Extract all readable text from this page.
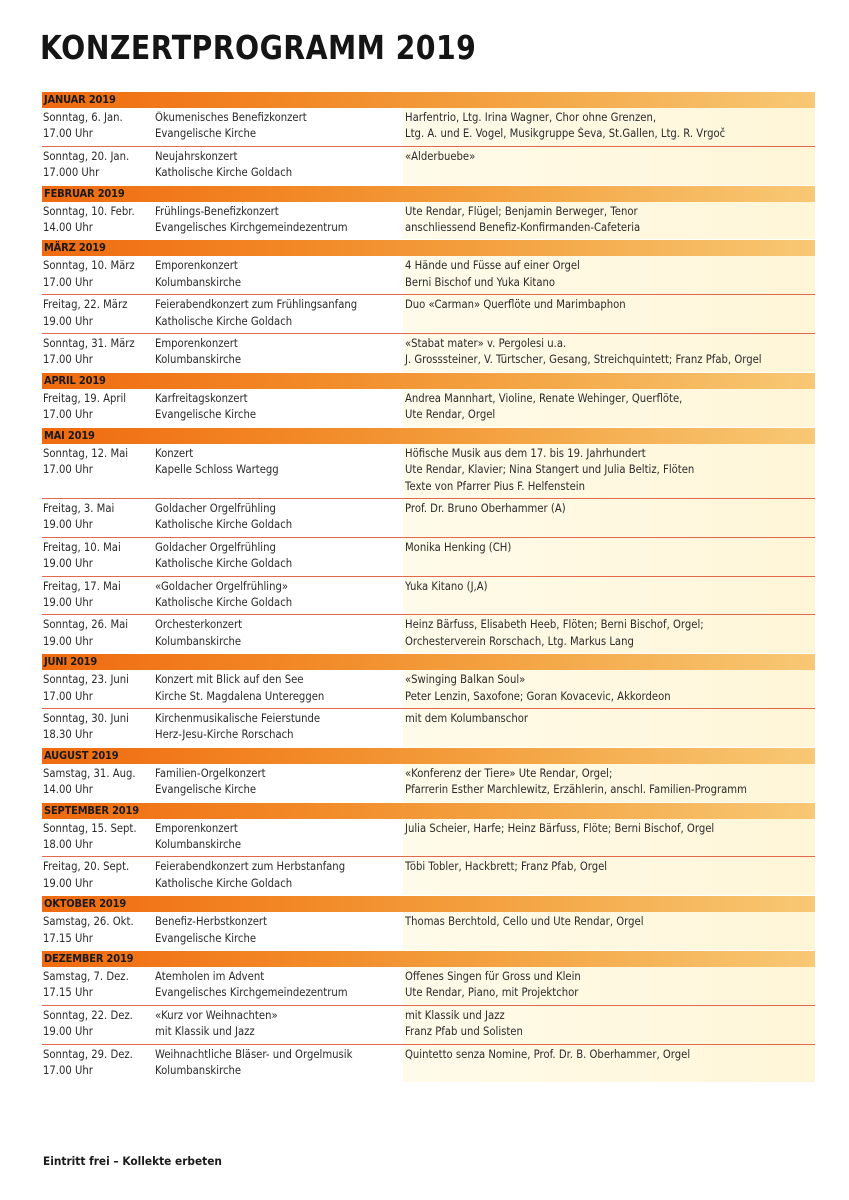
KONZERTPROGRAMM 2019
JANUAR 2019
Sonntag, 6. Jan.
17.00 Uhr
Ökumenisches Benefizkonzert
Evangelische Kirche
Harfentrio, Ltg. Irina Wagner, Chor ohne Grenzen,
Ltg. A. und E. Vogel, Musikgruppe Ševa, St.Gallen, Ltg. R. Vrgoč
Sonntag, 20. Jan.
17.000 Uhr
Neujahrskonzert
Katholische Kirche Goldach
«Alderbuebe»
FEBRUAR 2019
Sonntag, 10. Febr.
14.00 Uhr
Frühlings-Benefizkonzert
Evangelisches Kirchgemeindezentrum
Ute Rendar, Flügel; Benjamin Berweger, Tenor
anschliessend Benefiz-Konfirmanden-Cafeteria
MÄRZ 2019
Sonntag, 10. März
17.00 Uhr
Emporenkonzert
Kolumbanskirche
4 Hände und Füsse auf einer Orgel
Berni Bischof und Yuka Kitano
Freitag, 22. März
19.00 Uhr
Feierabendkonzert zum Frühlingsanfang
Katholische Kirche Goldach
Duo «Carman» Querflöte und Marimbaphon
Sonntag, 31. März
17.00 Uhr
Emporenkonzert
Kolumbanskirche
«Stabat mater» v. Pergolesi u.a.
J. Grosssteiner, V. Türtscher, Gesang, Streichquintett; Franz Pfab, Orgel
APRIL 2019
Freitag, 19. April
17.00 Uhr
Karfreitagskonzert
Evangelische Kirche
Andrea Mannhart, Violine, Renate Wehinger, Querflöte,
Ute Rendar, Orgel
MAI 2019
Sonntag, 12. Mai
17.00 Uhr
Konzert
Kapelle Schloss Wartegg
Höfische Musik aus dem 17. bis 19. Jahrhundert
Ute Rendar, Klavier; Nina Stangert und Julia Beltiz, Flöten
Texte von Pfarrer Pius F. Helfenstein
Freitag, 3. Mai
19.00 Uhr
Goldacher Orgelfrühling
Katholische Kirche Goldach
Prof. Dr. Bruno Oberhammer (A)
Freitag, 10. Mai
19.00 Uhr
Goldacher Orgelfrühling
Katholische Kirche Goldach
Monika Henking (CH)
Freitag, 17. Mai
19.00 Uhr
«Goldacher Orgelfrühling»
Katholische Kirche Goldach
Yuka Kitano (J,A)
Sonntag, 26. Mai
19.00 Uhr
Orchesterkonzert
Kolumbanskirche
Heinz Bärfuss, Elisabeth Heeb, Flöten; Berni Bischof, Orgel;
Orchesterverein Rorschach, Ltg. Markus Lang
JUNI 2019
Sonntag, 23. Juni
17.00 Uhr
Konzert mit Blick auf den See
Kirche St. Magdalena Untereggen
«Swinging Balkan Soul»
Peter Lenzin, Saxofone; Goran Kovacevic, Akkordeon
Sonntag, 30. Juni
18.30 Uhr
Kirchenmusikalische Feierstunde
Herz-Jesu-Kirche Rorschach
mit dem Kolumbanschor
AUGUST 2019
Samstag, 31. Aug.
14.00 Uhr
Familien-Orgelkonzert
Evangelische Kirche
«Konferenz der Tiere» Ute Rendar, Orgel;
Pfarrerin Esther Marchlewitz, Erzählerin, anschl. Familien-Programm
SEPTEMBER 2019
Sonntag, 15. Sept.
18.00 Uhr
Emporenkonzert
Kolumbanskirche
Julia Scheier, Harfe; Heinz Bärfuss, Flöte; Berni Bischof, Orgel
Freitag, 20. Sept.
19.00 Uhr
Feierabendkonzert zum Herbstanfang
Katholische Kirche Goldach
Töbi Tobler, Hackbrett; Franz Pfab, Orgel
OKTOBER 2019
Samstag, 26. Okt.
17.15 Uhr
Benefiz-Herbstkonzert
Evangelische Kirche
Thomas Berchtold, Cello und Ute Rendar, Orgel
DEZEMBER 2019
Samstag, 7. Dez.
17.15 Uhr
Atemholen im Advent
Evangelisches Kirchgemeindezentrum
Offenes Singen für Gross und Klein
Ute Rendar, Piano, mit Projektchor
Sonntag, 22. Dez.
19.00 Uhr
«Kurz vor Weihnachten»
mit Klassik und Jazz
mit Klassik und Jazz
Franz Pfab und Solisten
Sonntag, 29. Dez.
17.00 Uhr
Weihnachtliche Bläser- und Orgelmusik
Kolumbanskirche
Quintetto senza Nomine, Prof. Dr. B. Oberhammer, Orgel
Eintritt frei – Kollekte erbeten
